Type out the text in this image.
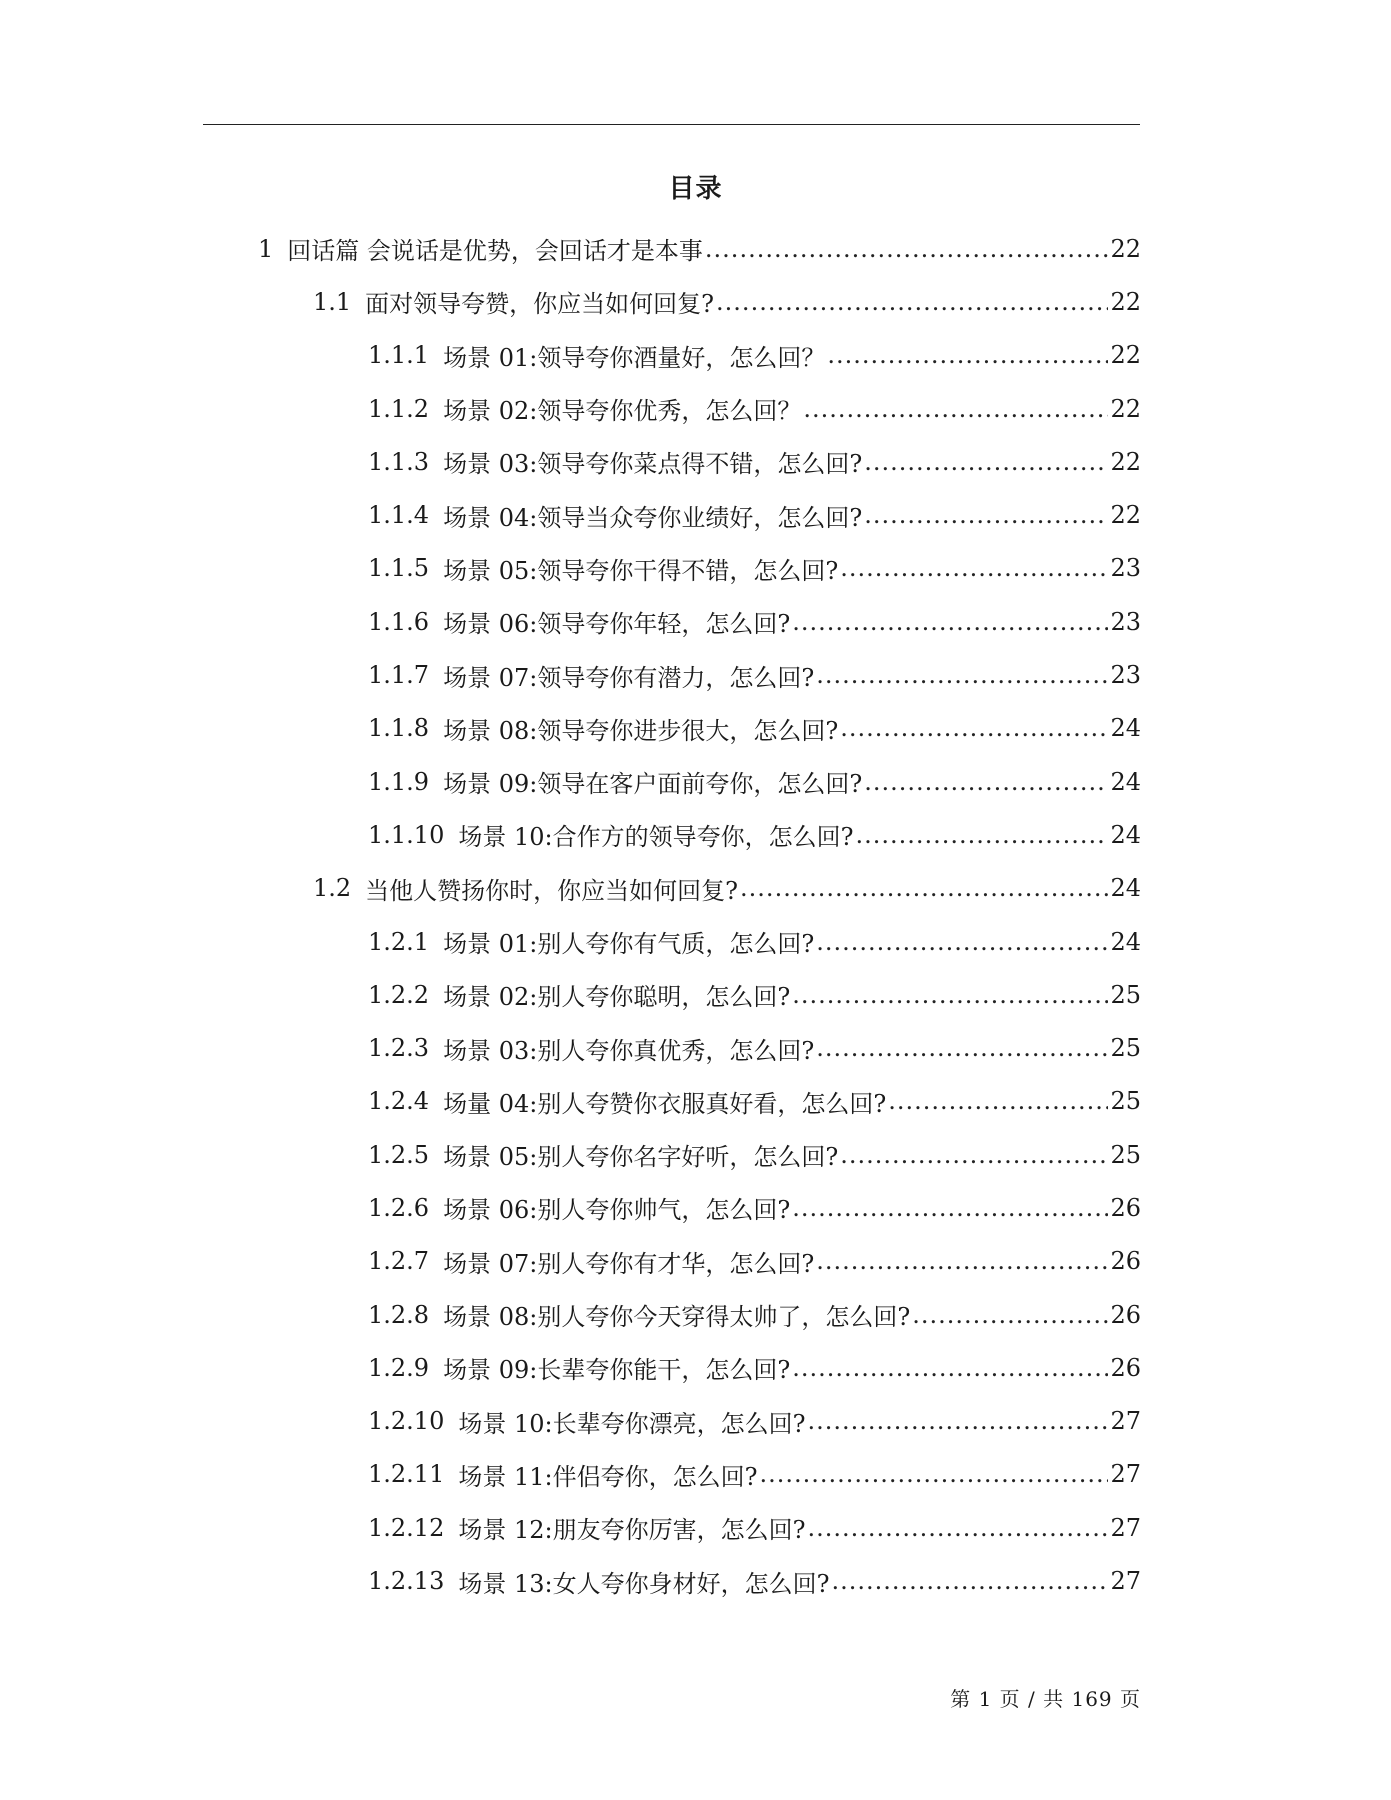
目录
1 回话篇 会说话是优势，会回话才是本事 .....	22
1.1 面对领导夸赞，你应当如何回复? .....	22
1.1.1 场景 01:领导夸你酒量好，怎么回？ .....	22
1.1.2 场景 02:领导夸你优秀，怎么回？ .....	22
1.1.3 场景 03:领导夸你菜点得不错，怎么回? .....	22
1.1.4 场景 04:领导当众夸你业绩好，怎么回? .....	22
1.1.5 场景 05:领导夸你干得不错，怎么回? .....	23
1.1.6 场景 06:领导夸你年轻，怎么回? .....	23
1.1.7 场景 07:领导夸你有潜力，怎么回? .....	23
1.1.8 场景 08:领导夸你进步很大，怎么回? .....	24
1.1.9 场景 09:领导在客户面前夸你，怎么回? .....	24
1.1.10 场景 10:合作方的领导夸你，怎么回? .....	24
1.2 当他人赞扬你时，你应当如何回复? .....	24
1.2.1 场景 01:别人夸你有气质，怎么回? .....	24
1.2.2 场景 02:别人夸你聪明，怎么回? .....	25
1.2.3 场景 03:别人夸你真优秀，怎么回? .....	25
1.2.4 场量 04:别人夸赞你衣服真好看，怎么回? .....	25
1.2.5 场景 05:别人夸你名字好听，怎么回? .....	25
1.2.6 场景 06:别人夸你帅气，怎么回? .....	26
1.2.7 场景 07:别人夸你有才华，怎么回? .....	26
1.2.8 场景 08:别人夸你今天穿得太帅了，怎么回? .....	26
1.2.9 场景 09:长辈夸你能干，怎么回? .....	26
1.2.10 场景 10:长辈夸你漂亮，怎么回? .....	27
1.2.11 场景 11:伴侣夸你，怎么回? .....	27
1.2.12 场景 12:朋友夸你厉害，怎么回? .....	27
1.2.13 场景 13:女人夸你身材好，怎么回? .....	27
第 1 页 / 共 169 页
